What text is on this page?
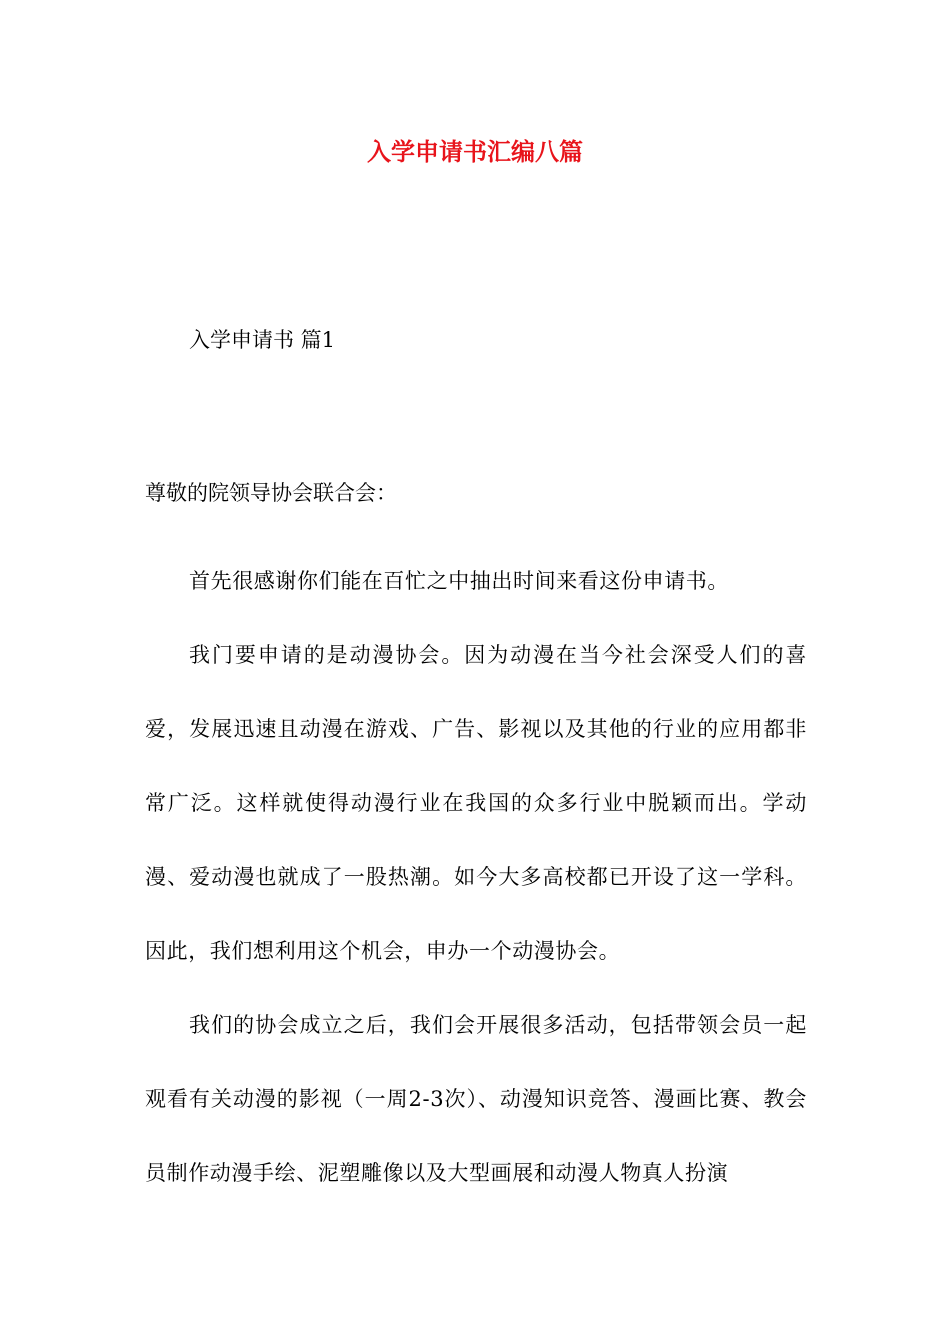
入学申请书汇编八篇

入学申请书 篇1

尊敬的院领导协会联合会：

首先很感谢你们能在百忙之中抽出时间来看这份申请书。

我门要申请的是动漫协会。因为动漫在当今社会深受人们的喜爱，发展迅速且动漫在游戏、广告、影视以及其他的行业的应用都非常广泛。这样就使得动漫行业在我国的众多行业中脱颖而出。学动漫、爱动漫也就成了一股热潮。如今大多高校都已开设了这一学科。因此，我们想利用这个机会，申办一个动漫协会。

我们的协会成立之后，我们会开展很多活动，包括带领会员一起观看有关动漫的影视（一周2-3次）、动漫知识竞答、漫画比赛、教会员制作动漫手绘、泥塑雕像以及大型画展和动漫人物真人扮演
